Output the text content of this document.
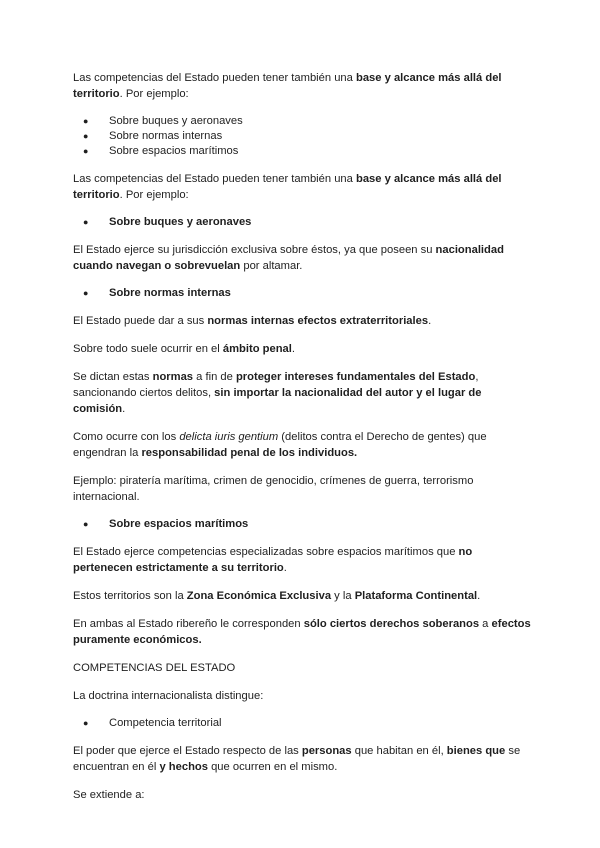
Las competencias del Estado pueden tener también una base y alcance más allá del territorio. Por ejemplo:

● Sobre buques y aeronaves
● Sobre normas internas
● Sobre espacios marítimos

Las competencias del Estado pueden tener también una base y alcance más allá del territorio. Por ejemplo:

● Sobre buques y aeronaves

El Estado ejerce su jurisdicción exclusiva sobre éstos, ya que poseen su nacionalidad cuando navegan o sobrevuelan por altamar.

● Sobre normas internas

El Estado puede dar a sus normas internas efectos extraterritoriales.

Sobre todo suele ocurrir en el ámbito penal.

Se dictan estas normas a fin de proteger intereses fundamentales del Estado, sancionando ciertos delitos, sin importar la nacionalidad del autor y el lugar de comisión.

Como ocurre con los delicta iuris gentium (delitos contra el Derecho de gentes) que engendran la responsabilidad penal de los individuos.

Ejemplo: piratería marítima, crimen de genocidio, crímenes de guerra, terrorismo internacional.

● Sobre espacios marítimos

El Estado ejerce competencias especializadas sobre espacios marítimos que no pertenecen estrictamente a su territorio.

Estos territorios son la Zona Económica Exclusiva y la Plataforma Continental.

En ambas al Estado ribereño le corresponden sólo ciertos derechos soberanos a efectos puramente económicos.

COMPETENCIAS DEL ESTADO

La doctrina internacionalista distingue:

● Competencia territorial

El poder que ejerce el Estado respecto de las personas que habitan en él, bienes que se encuentran en él y hechos que ocurren en el mismo.

Se extiende a:
